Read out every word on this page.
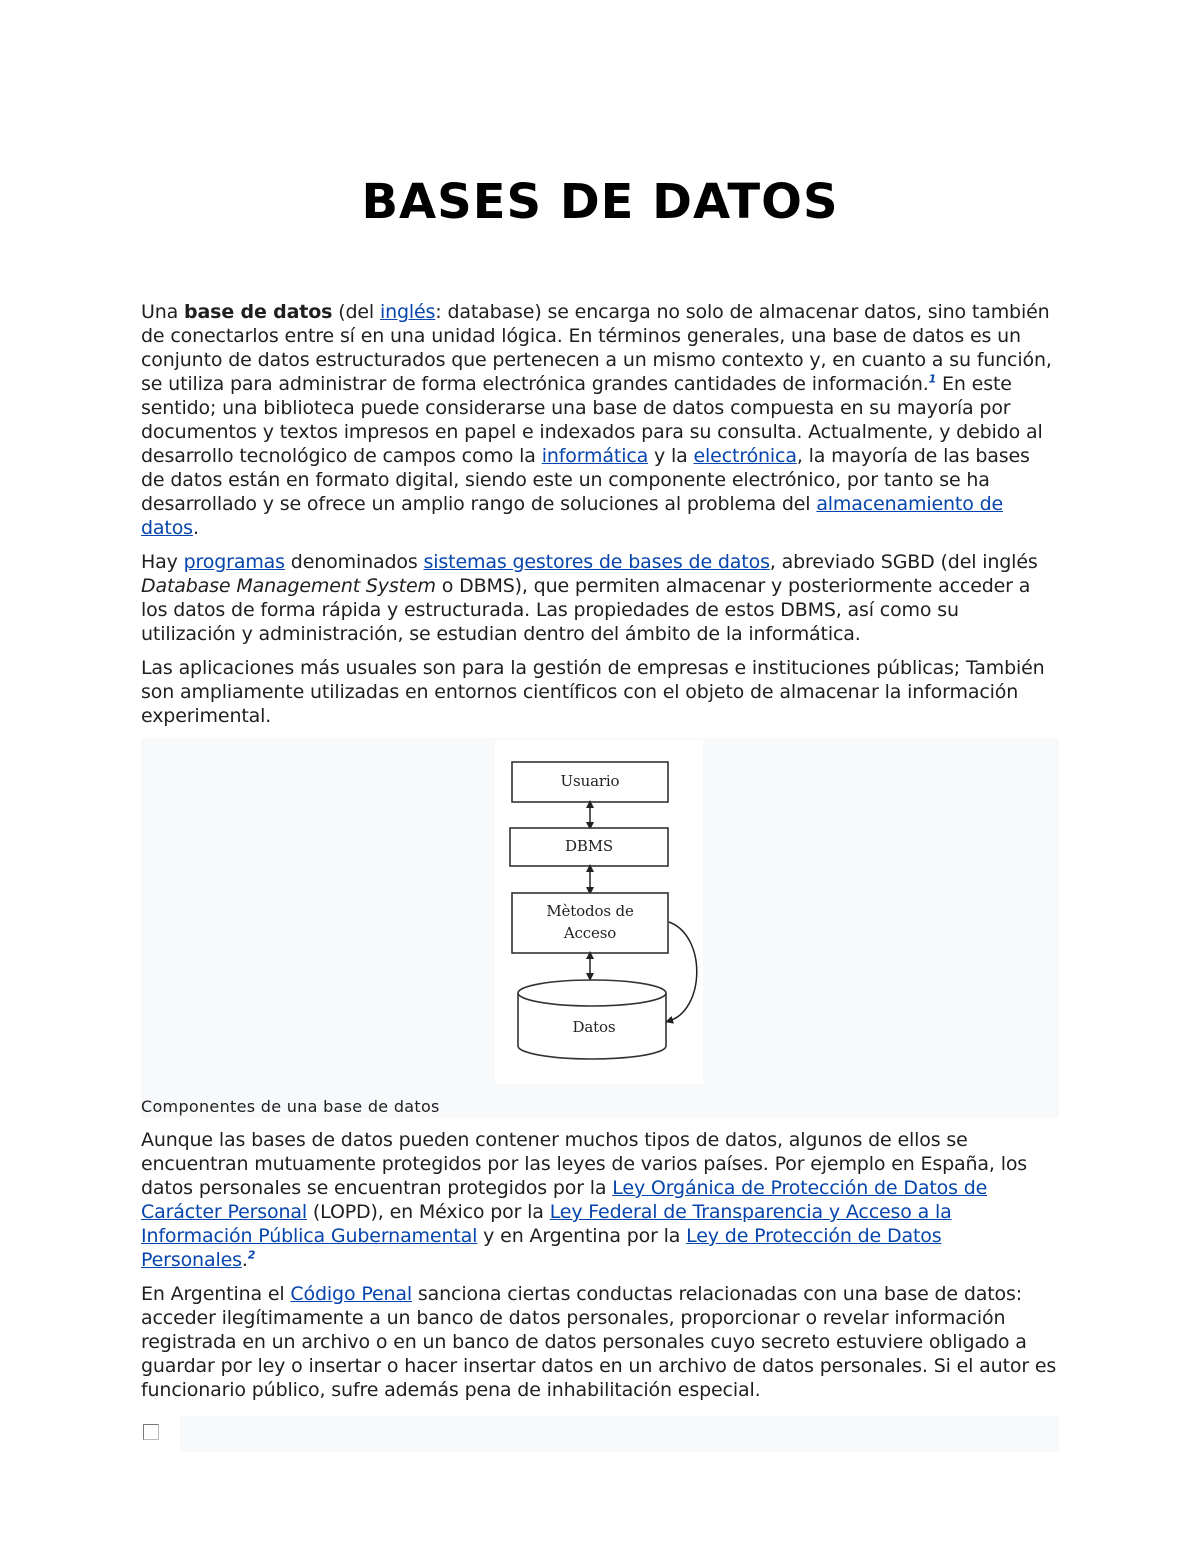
BASES DE DATOS

Una base de datos (del inglés: database) se encarga no solo de almacenar datos, sino también de conectarlos entre sí en una unidad lógica. En términos generales, una base de datos es un conjunto de datos estructurados que pertenecen a un mismo contexto y, en cuanto a su función, se utiliza para administrar de forma electrónica grandes cantidades de información.$^1$ En este sentido; una biblioteca puede considerarse una base de datos compuesta en su mayoría por documentos y textos impresos en papel e indexados para su consulta. Actualmente, y debido al desarrollo tecnológico de campos como la informática y la electrónica, la mayoría de las bases de datos están en formato digital, siendo este un componente electrónico, por tanto se ha desarrollado y se ofrece un amplio rango de soluciones al problema del almacenamiento de datos.

Hay programas denominados sistemas gestores de bases de datos, abreviado SGBD (del inglés Database Management System o DBMS), que permiten almacenar y posteriormente acceder a los datos de forma rápida y estructurada. Las propiedades de estos DBMS, así como su utilización y administración, se estudian dentro del ámbito de la informática.

Las aplicaciones más usuales son para la gestión de empresas e instituciones públicas; También son ampliamente utilizadas en entornos científicos con el objeto de almacenar la información experimental.

Usuario
DBMS
Mètodos de
Acceso
Datos
Componentes de una base de datos

Aunque las bases de datos pueden contener muchos tipos de datos, algunos de ellos se encuentran mutuamente protegidos por las leyes de varios países. Por ejemplo en España, los datos personales se encuentran protegidos por la Ley Orgánica de Protección de Datos de Carácter Personal (LOPD), en México por la Ley Federal de Transparencia y Acceso a la Información Pública Gubernamental y en Argentina por la Ley de Protección de Datos Personales.$^2$

En Argentina el Código Penal sanciona ciertas conductas relacionadas con una base de datos: acceder ilegítimamente a un banco de datos personales, proporcionar o revelar información registrada en un archivo o en un banco de datos personales cuyo secreto estuviere obligado a guardar por ley o insertar o hacer insertar datos en un archivo de datos personales. Si el autor es funcionario público, sufre además pena de inhabilitación especial.
